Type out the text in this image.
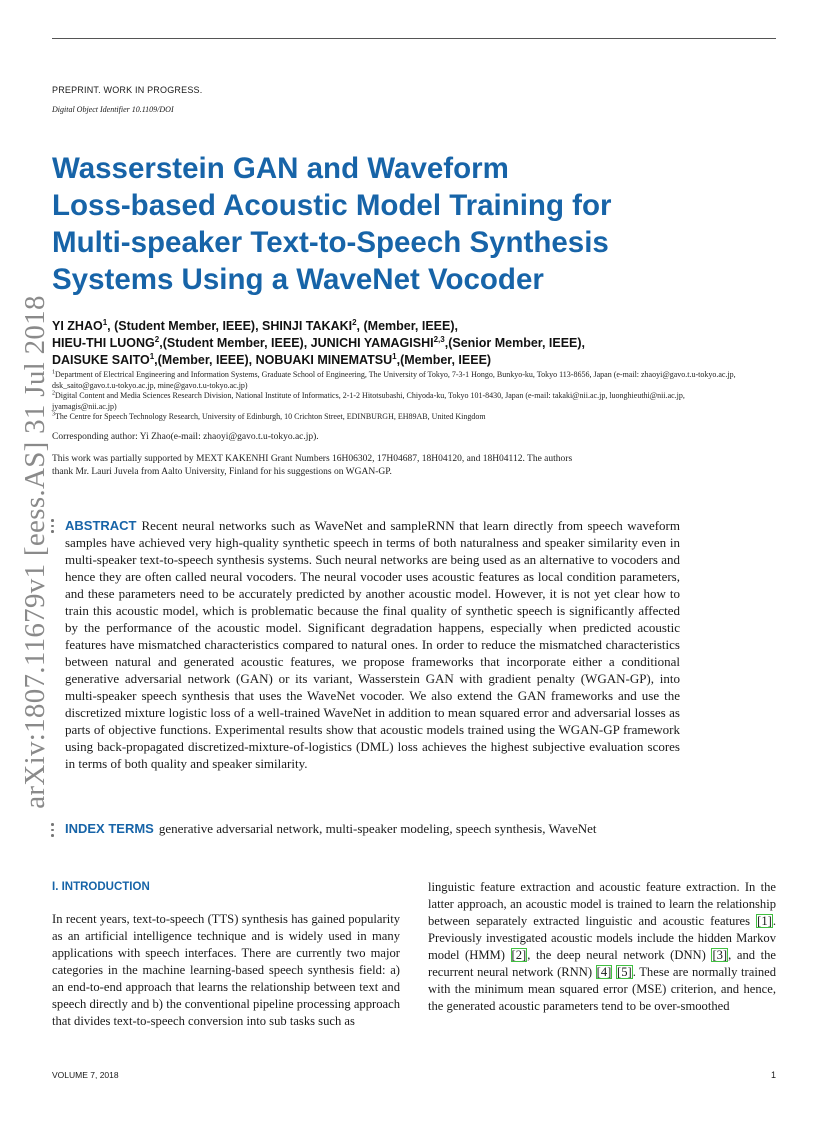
PREPRINT. WORK IN PROGRESS.
Digital Object Identifier 10.1109/DOI
Wasserstein GAN and Waveform
Loss-based Acoustic Model Training for
Multi-speaker Text-to-Speech Synthesis
Systems Using a WaveNet Vocoder
YI ZHAO$^1$, (Student Member, IEEE), SHINJI TAKAKI$^2$, (Member, IEEE),
HIEU-THI LUONG$^2$,(Student Member, IEEE), JUNICHI YAMAGISHI$^{2,3}$,(Senior Member, IEEE),
DAISUKE SAITO$^1$,(Member, IEEE), NOBUAKI MINEMATSU$^1$,(Member, IEEE)

$^1$Department of Electrical Engineering and Information Systems, Graduate School of Engineering, The University of Tokyo, 7-3-1 Hongo, Bunkyo-ku, Tokyo 113-8656, Japan (e-mail: zhaoyi@gavo.t.u-tokyo.ac.jp, dsk_saito@gavo.t.u-tokyo.ac.jp, mine@gavo.t.u-tokyo.ac.jp)

$^2$Digital Content and Media Sciences Research Division, National Institute of Informatics, 2-1-2 Hitotsubashi, Chiyoda-ku, Tokyo 101-8430, Japan (e-mail: takaki@nii.ac.jp, luonghieuthi@nii.ac.jp, jyamagis@nii.ac.jp)

$^3$The Centre for Speech Technology Research, University of Edinburgh, 10 Crichton Street, EDINBURGH, EH89AB, United Kingdom

Corresponding author: Yi Zhao(e-mail: zhaoyi@gavo.t.u-tokyo.ac.jp).
This work was partially supported by MEXT KAKENHI Grant Numbers 16H06302, 17H04687, 18H04120, and 18H04112. The authors
thank Mr. Lauri Juvela from Aalto University, Finland for his suggestions on WGAN-GP.
ABSTRACT Recent neural networks such as WaveNet and sampleRNN that learn directly from speech waveform samples have achieved very high-quality synthetic speech in terms of both naturalness and speaker similarity even in multi-speaker text-to-speech synthesis systems. Such neural networks are being used as an alternative to vocoders and hence they are often called neural vocoders. The neural vocoder uses acoustic features as local condition parameters, and these parameters need to be accurately predicted by another acoustic model. However, it is not yet clear how to train this acoustic model, which is problematic because the final quality of synthetic speech is significantly affected by the performance of the acoustic model. Significant degradation happens, especially when predicted acoustic features have mismatched characteristics compared to natural ones. In order to reduce the mismatched characteristics between natural and generated acoustic features, we propose frameworks that incorporate either a conditional generative adversarial network (GAN) or its variant, Wasserstein GAN with gradient penalty (WGAN-GP), into multi-speaker speech synthesis that uses the WaveNet vocoder. We also extend the GAN frameworks and use the discretized mixture logistic loss of a well-trained WaveNet in addition to mean squared error and adversarial losses as parts of objective functions. Experimental results show that acoustic models trained using the WGAN-GP framework using back-propagated discretized-mixture-of-logistics (DML) loss achieves the highest subjective evaluation scores in terms of both quality and speaker similarity.
INDEX TERMS generative adversarial network, multi-speaker modeling, speech synthesis, WaveNet
I. INTRODUCTION
In recent years, text-to-speech (TTS) synthesis has gained popularity as an artificial intelligence technique and is widely used in many applications with speech interfaces. There are currently two major categories in the machine learning-based speech synthesis field: a) an end-to-end approach that learns the relationship between text and speech directly and b) the conventional pipeline processing approach that divides text-to-speech conversion into sub tasks such as
linguistic feature extraction and acoustic feature extraction. In the latter approach, an acoustic model is trained to learn the relationship between separately extracted linguistic and acoustic features [1]. Previously investigated acoustic models include the hidden Markov model (HMM) [2], the deep neural network (DNN) [3], and the recurrent neural network (RNN) [4] [5]. These are normally trained with the minimum mean squared error (MSE) criterion, and hence, the generated acoustic parameters tend to be over-smoothed
VOLUME 7, 2018	1
arXiv:1807.11679v1 [eess.AS] 31 Jul 2018
